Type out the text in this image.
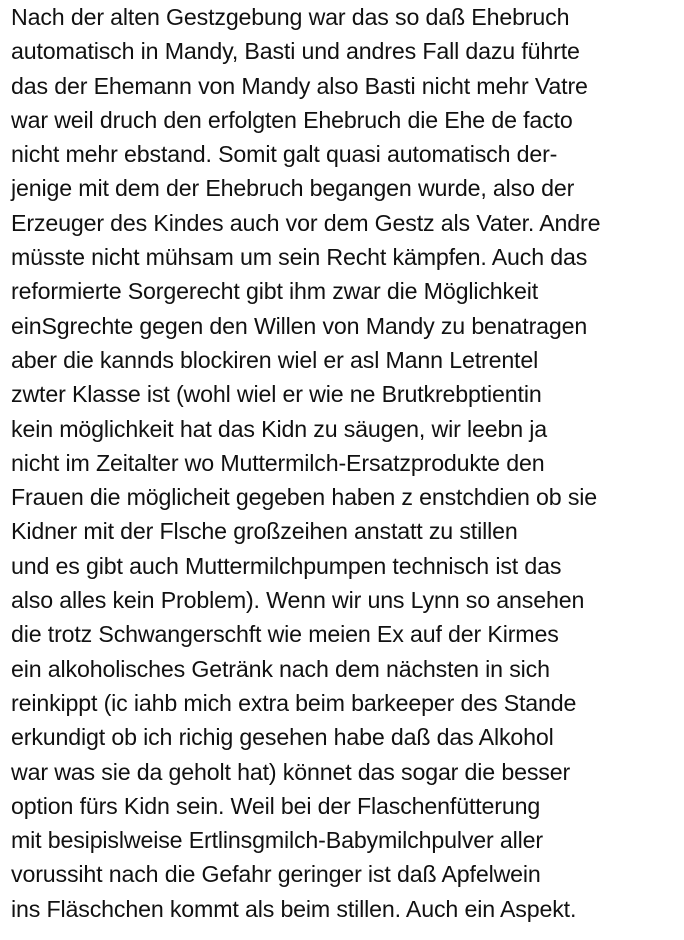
Nach der alten Gestzgebung war das so daß Ehebruch
automatisch in Mandy, Basti und andres Fall dazu führte
das der Ehemann von Mandy also Basti nicht mehr Vatre
war weil druch den erfolgten Ehebruch die Ehe de facto
nicht mehr ebstand. Somit galt quasi automatisch der-
jenige mit dem der Ehebruch begangen wurde, also der
Erzeuger des Kindes auch vor dem Gestz als Vater. Andre
müsste nicht mühsam um sein Recht kämpfen. Auch das
reformierte Sorgerecht gibt ihm zwar die Möglichkeit
einSgrechte gegen den Willen von Mandy zu benatragen
aber die kannds blockiren wiel er asl Mann Letrentel
zwter Klasse ist (wohl wiel er wie ne Brutkrebptientin
kein möglichkeit hat das Kidn zu säugen, wir leebn ja
nicht im Zeitalter wo Muttermilch-Ersatzprodukte den
Frauen die möglicheit gegeben haben z enstchdien ob sie
Kidner mit der Flsche großzeihen anstatt zu stillen
und es gibt auch Muttermilchpumpen technisch ist das
also alles kein Problem). Wenn wir uns Lynn so ansehen
die trotz Schwangerschft wie meien Ex auf der Kirmes
ein alkoholisches Getränk nach dem nächsten in sich
reinkippt (ic iahb mich extra beim barkeeper des Stande
erkundigt ob ich richig gesehen habe daß das Alkohol
war was sie da geholt hat) könnet das sogar die besser
option fürs Kidn sein. Weil bei der Flaschenfütterung
mit besipislweise Ertlinsgmilch-Babymilchpulver aller
vorussiht nach die Gefahr geringer ist daß Apfelwein
ins Fläschchen kommt als beim stillen. Auch ein Aspekt.
